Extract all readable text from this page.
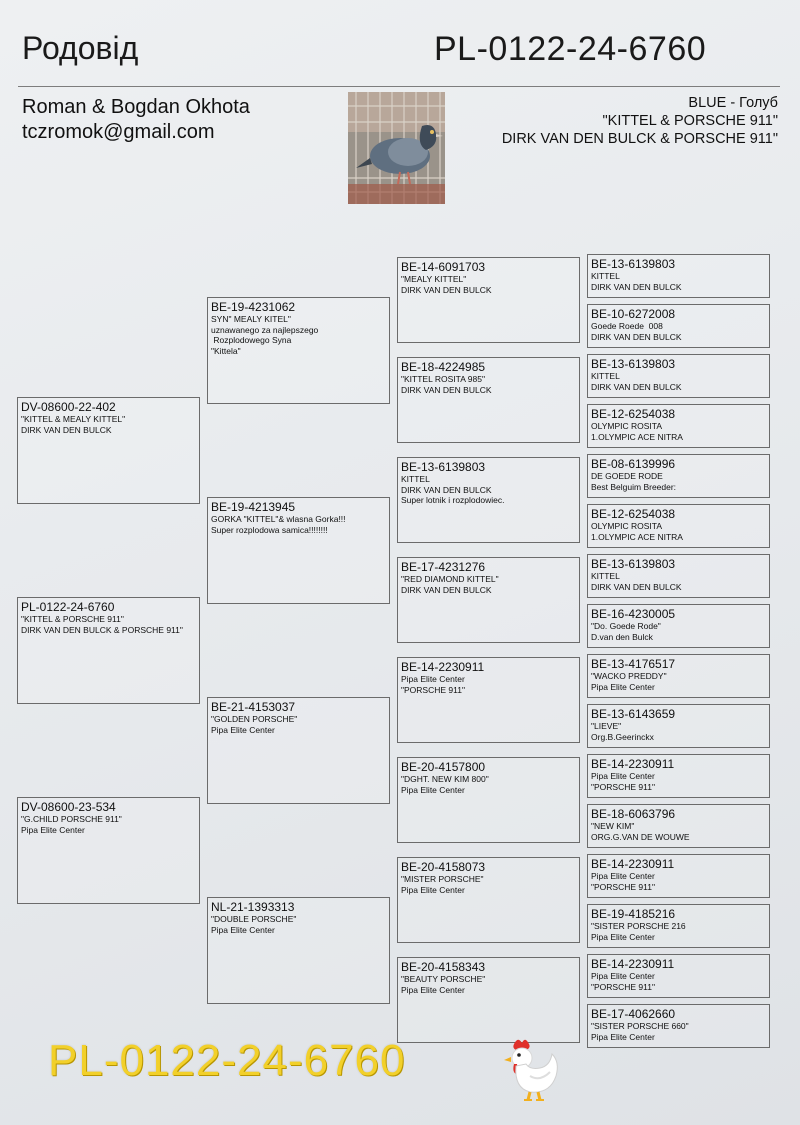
Родовід	PL-0122-24-6760
Roman & Bogdan Okhota
tczromok@gmail.com
BLUE - Голуб
"KITTEL & PORSCHE 911"
DIRK VAN DEN BULCK & PORSCHE 911"
DV-08600-22-402
"KITTEL & MEALY KITTEL"
DIRK VAN DEN BULCK
PL-0122-24-6760
"KITTEL & PORSCHE 911"
DIRK VAN DEN BULCK & PORSCHE 911"
DV-08600-23-534
"G.CHILD PORSCHE 911"
Pipa Elite Center
BE-19-4231062
SYN" MEALY KITEL"
uznawanego za najlepszego
Rozplodowego Syna
"Kittela"
BE-19-4213945
GORKA "KITTEL"& wlasna Gorka!!!
Super rozplodowa samica!!!!!!!!
BE-21-4153037
"GOLDEN PORSCHE"
Pipa Elite Center
NL-21-1393313
"DOUBLE PORSCHE"
Pipa Elite Center
BE-14-6091703
"MEALY KITTEL"
DIRK VAN DEN BULCK
BE-18-4224985
"KITTEL ROSITA 985"
DIRK VAN DEN BULCK
BE-13-6139803
KITTEL
DIRK VAN DEN BULCK
Super lotnik i rozplodowiec.
BE-17-4231276
"RED DIAMOND KITTEL"
DIRK VAN DEN BULCK
BE-14-2230911
Pipa Elite Center
"PORSCHE 911"
BE-20-4157800
"DGHT. NEW KIM 800"
Pipa Elite Center
BE-20-4158073
"MISTER PORSCHE"
Pipa Elite Center
BE-20-4158343
"BEAUTY PORSCHE"
Pipa Elite Center
BE-13-6139803
KITTEL
DIRK VAN DEN BULCK
BE-10-6272008
Goede Roede  008
DIRK VAN DEN BULCK
BE-13-6139803
KITTEL
DIRK VAN DEN BULCK
BE-12-6254038
OLYMPIC ROSITA
1.OLYMPIC ACE NITRA
BE-08-6139996
DE GOEDE RODE
Best Belguim Breeder:
BE-12-6254038
OLYMPIC ROSITA
1.OLYMPIC ACE NITRA
BE-13-6139803
KITTEL
DIRK VAN DEN BULCK
BE-16-4230005
"Do. Goede Rode"
D.van den Bulck
BE-13-4176517
"WACKO PREDDY"
Pipa Elite Center
BE-13-6143659
"LIEVE"
Org.B.Geerinckx
BE-14-2230911
Pipa Elite Center
"PORSCHE 911"
BE-18-6063796
"NEW KIM"
ORG.G.VAN DE WOUWE
BE-14-2230911
Pipa Elite Center
"PORSCHE 911"
BE-19-4185216
"SISTER PORSCHE 216
Pipa Elite Center
BE-14-2230911
Pipa Elite Center
"PORSCHE 911"
BE-17-4062660
"SISTER PORSCHE 660"
Pipa Elite Center
PL-0122-24-6760
